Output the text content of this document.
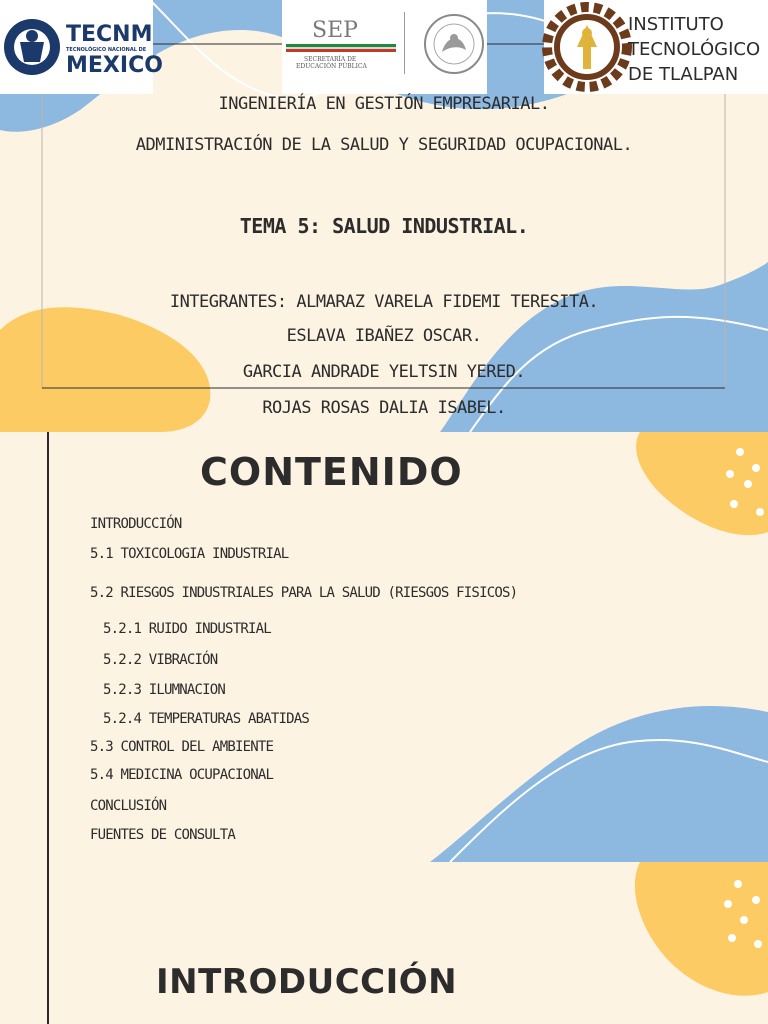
TECNM
TECNOLÓGICO NACIONAL DE
MEXICO
SEP
SECRETARÍA DE
EDUCACIÓN PÚBLICA
INSTITUTO
TECNOLÓGICO
DE TLALPAN
INGENIERÍA EN GESTIÓN EMPRESARIAL.
ADMINISTRACIÓN DE LA SALUD Y SEGURIDAD OCUPACIONAL.
TEMA 5: SALUD INDUSTRIAL.
INTEGRANTES: ALMARAZ VARELA FIDEMI TERESITA.
ESLAVA IBAÑEZ OSCAR.
GARCIA ANDRADE YELTSIN YERED.
ROJAS ROSAS DALIA ISABEL.
CONTENIDO
INTRODUCCIÓN
5.1 TOXICOLOGIA INDUSTRIAL
5.2 RIESGOS INDUSTRIALES PARA LA SALUD (RIESGOS FISICOS)
5.2.1 RUIDO INDUSTRIAL
5.2.2 VIBRACIÓN
5.2.3 ILUMNACION
5.2.4 TEMPERATURAS ABATIDAS
5.3 CONTROL DEL AMBIENTE
5.4 MEDICINA OCUPACIONAL
CONCLUSIÓN
FUENTES DE CONSULTA
INTRODUCCIÓN
